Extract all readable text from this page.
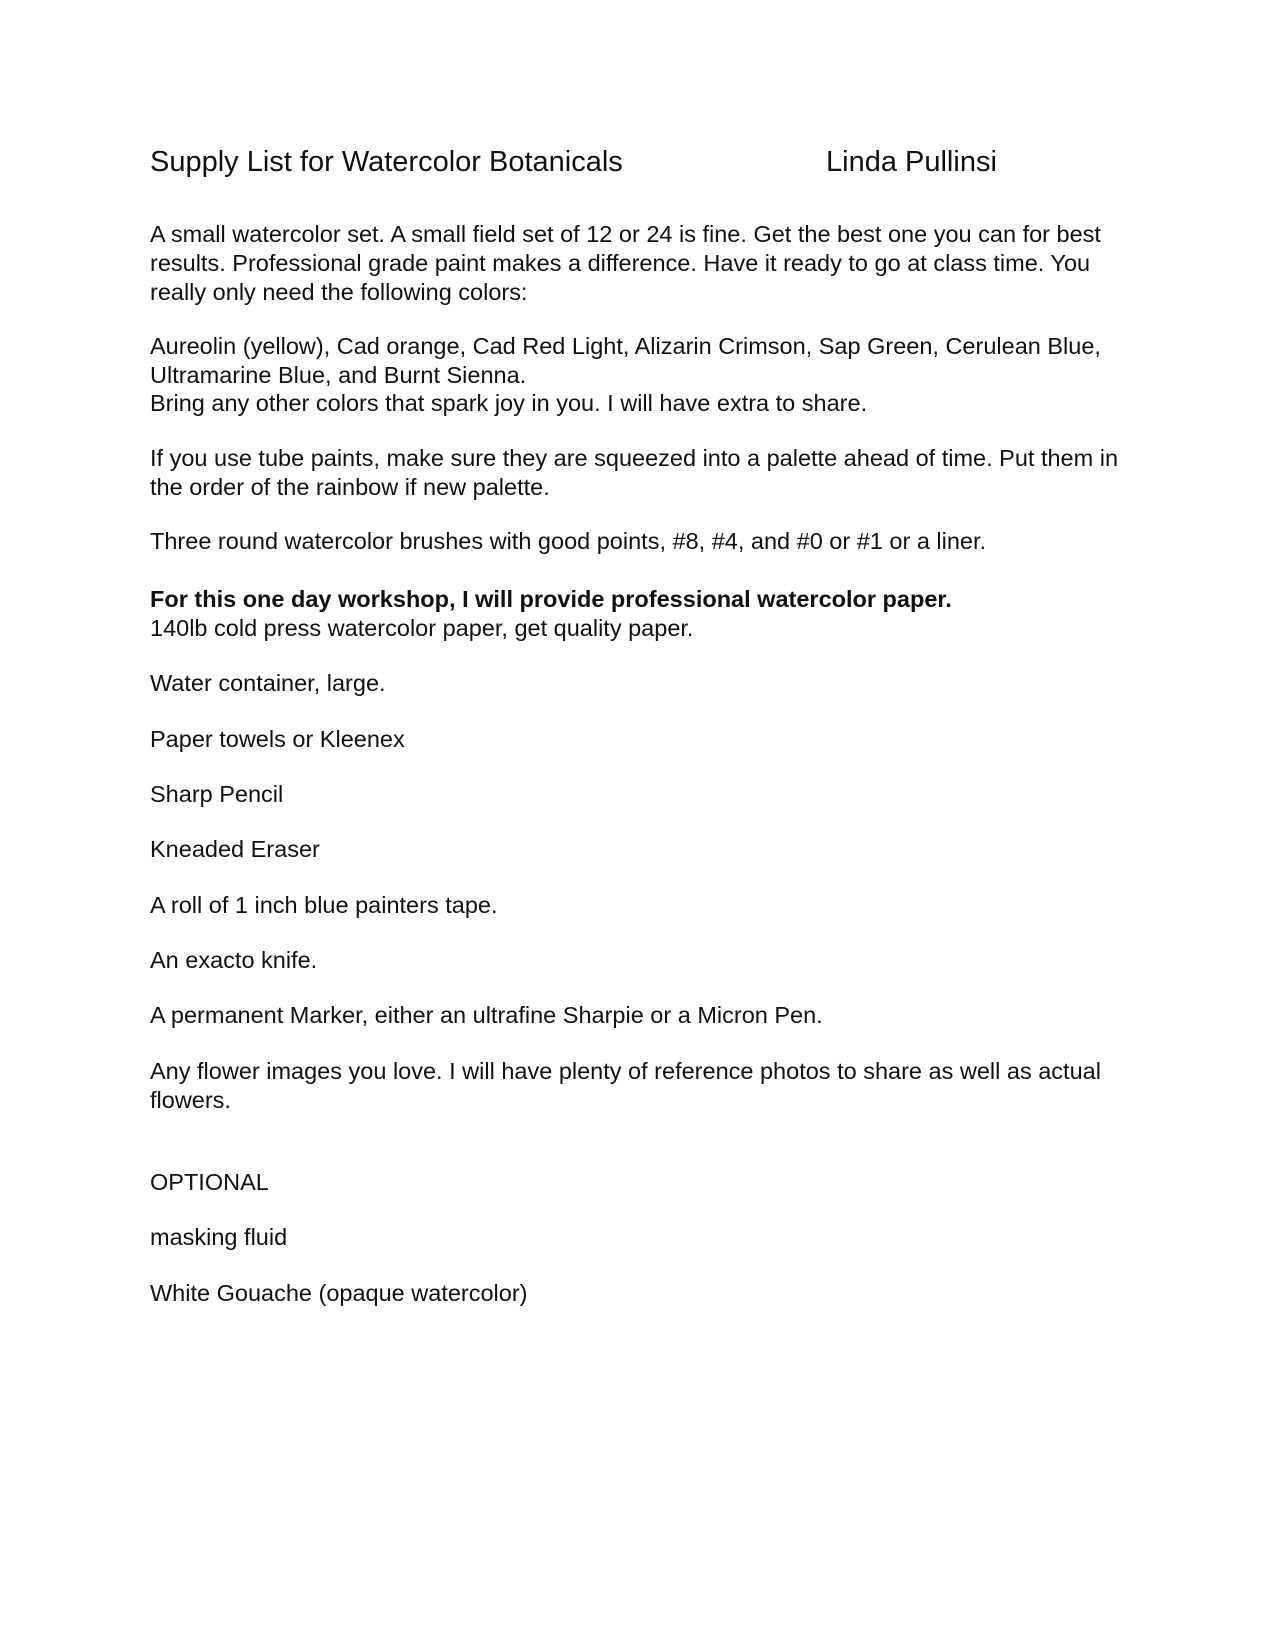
Supply List for Watercolor Botanicals	Linda Pullinsi

A small watercolor set. A small field set of 12 or 24 is fine. Get the best one you can for best results. Professional grade paint makes a difference. Have it ready to go at class time. You really only need the following colors:

Aureolin (yellow), Cad orange, Cad Red Light, Alizarin Crimson, Sap Green, Cerulean Blue, Ultramarine Blue, and Burnt Sienna.

Bring any other colors that spark joy in you. I will have extra to share.

If you use tube paints, make sure they are squeezed into a palette ahead of time. Put them in the order of the rainbow if new palette.

Three round watercolor brushes with good points, #8, #4, and #0 or #1 or a liner.

For this one day workshop, I will provide professional watercolor paper.

140lb cold press watercolor paper, get quality paper.

Water container, large.

Paper towels or Kleenex

Sharp Pencil

Kneaded Eraser

A roll of 1 inch blue painters tape.

An exacto knife.

A permanent Marker, either an ultrafine Sharpie or a Micron Pen.

Any flower images you love. I will have plenty of reference photos to share as well as actual flowers.

OPTIONAL

masking fluid

White Gouache (opaque watercolor)
